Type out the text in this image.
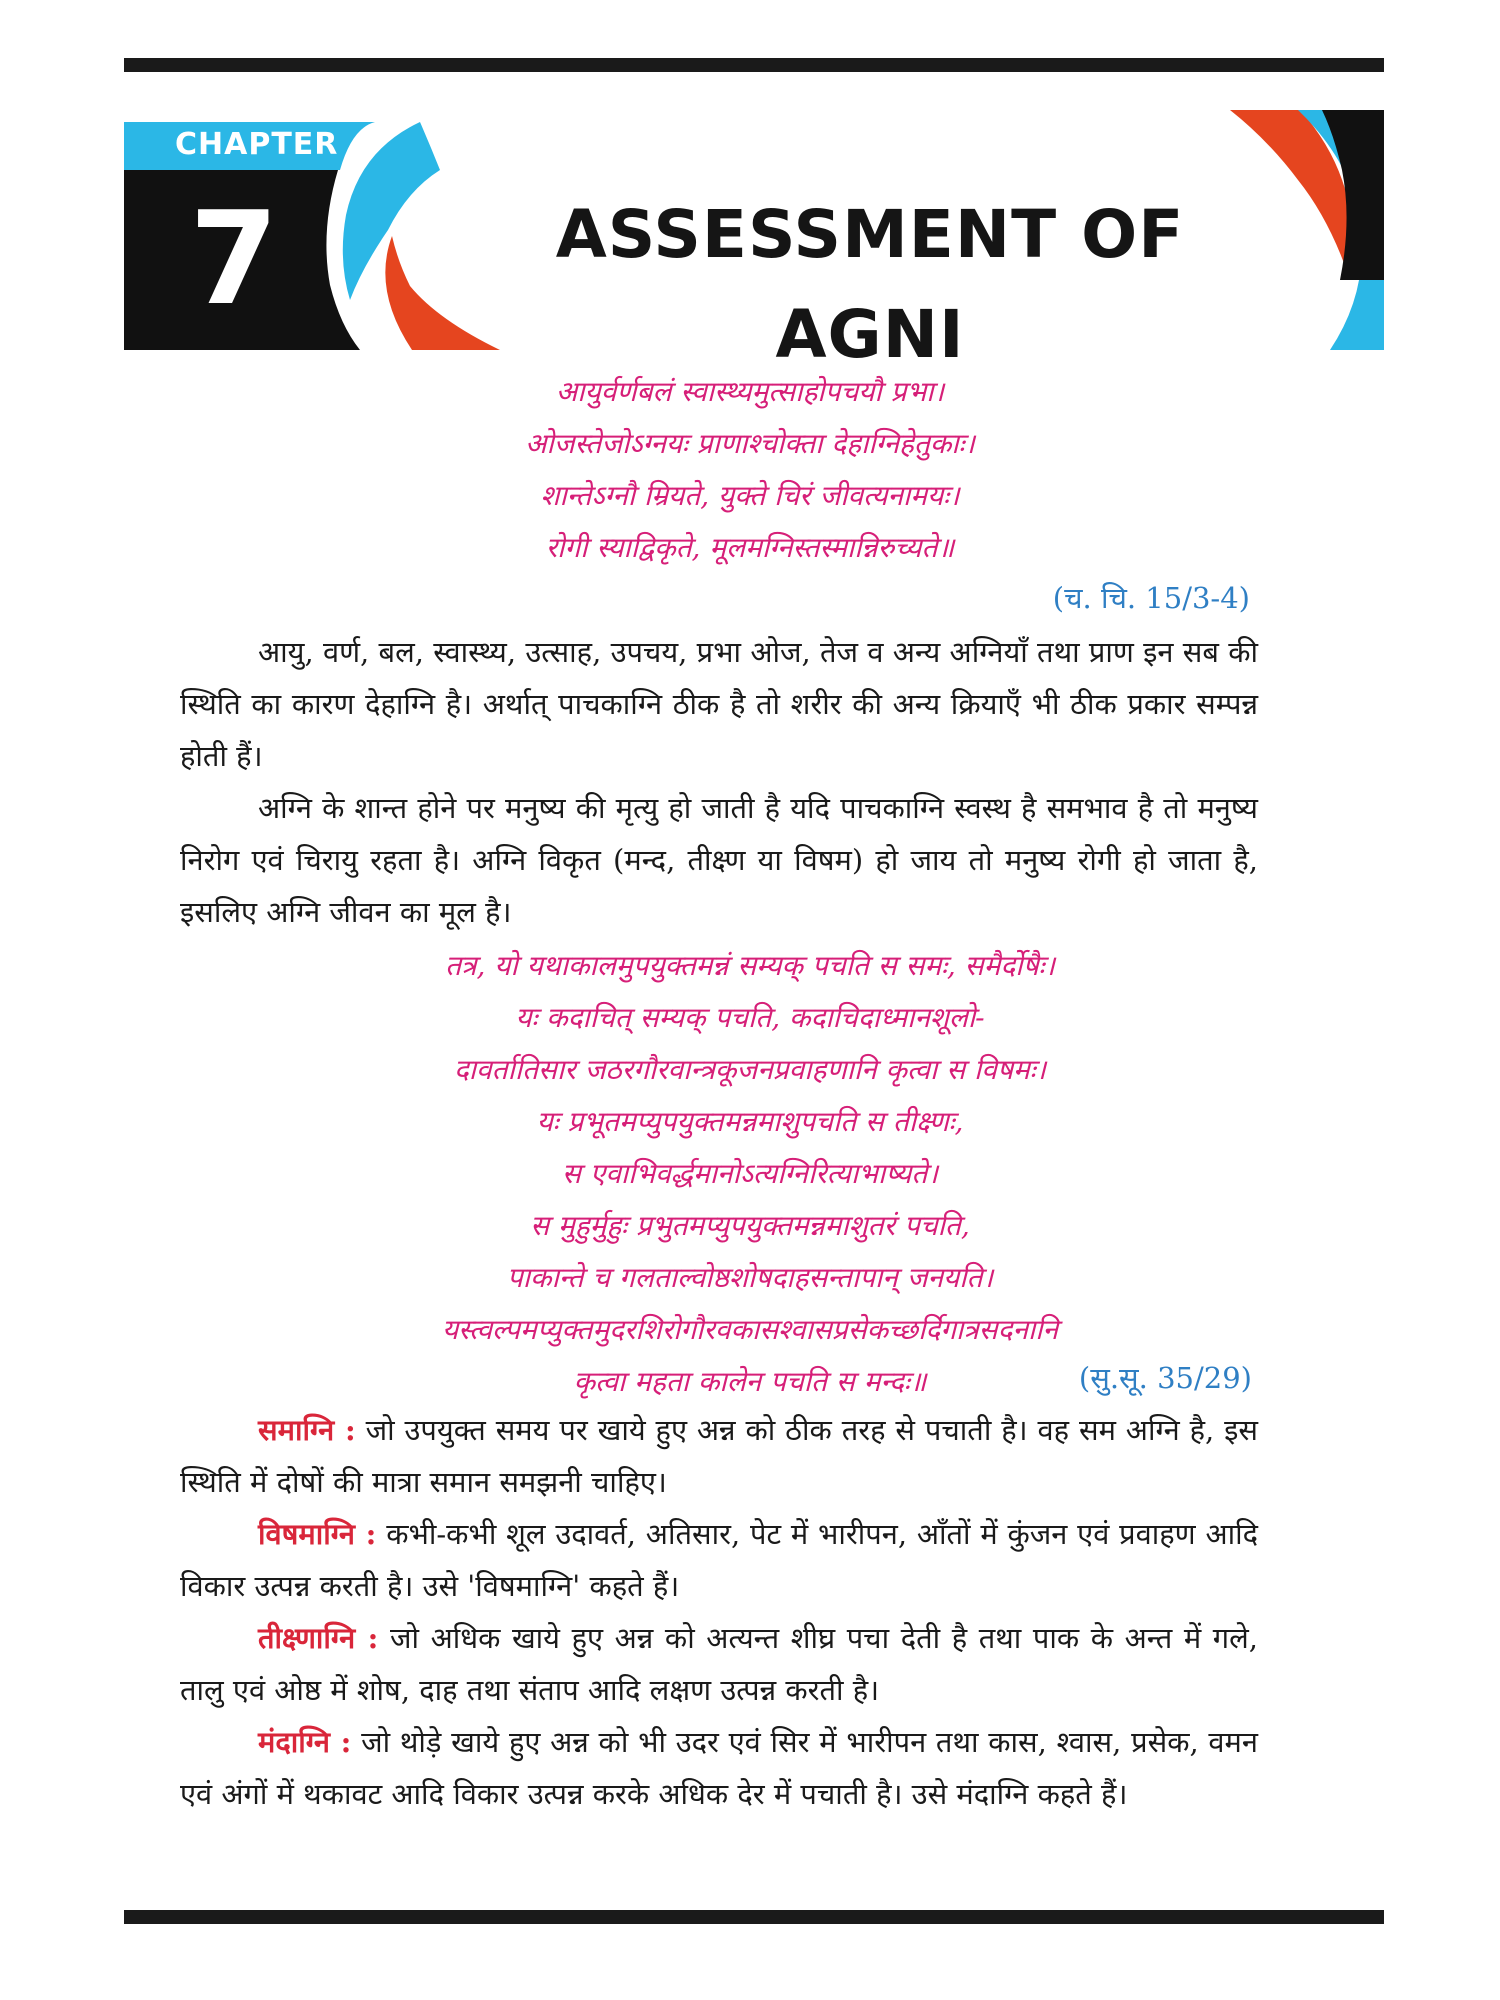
CHAPTER
7	ASSESSMENT OF AGNI
आयुर्वर्णबलं स्वास्थ्यमुत्साहोपचयौ प्रभा।
ओजस्तेजोऽग्नयः प्राणाश्चोक्ता देहाग्निहेतुकाः।
शान्तेऽग्नौ म्रियते, युक्ते चिरं जीवत्यनामयः।
रोगी स्याद्विकृते, मूलमग्निस्तस्मान्निरुच्यते॥
(च. चि. 15/3-4)
आयु, वर्ण, बल, स्वास्थ्य, उत्साह, उपचय, प्रभा ओज, तेज व अन्य अग्नियाँ तथा प्राण इन सब की स्थिति का कारण देहाग्नि है। अर्थात् पाचकाग्नि ठीक है तो शरीर की अन्य क्रियाएँ भी ठीक प्रकार सम्पन्न होती हैं।
अग्नि के शान्त होने पर मनुष्य की मृत्यु हो जाती है यदि पाचकाग्नि स्वस्थ है समभाव है तो मनुष्य निरोग एवं चिरायु रहता है। अग्नि विकृत (मन्द, तीक्ष्ण या विषम) हो जाय तो मनुष्य रोगी हो जाता है, इसलिए अग्नि जीवन का मूल है।
तत्र, यो यथाकालमुपयुक्तमन्नं सम्यक् पचति स समः, समैर्दोषैः।
यः कदाचित् सम्यक् पचति, कदाचिदाध्मानशूलो-
दावर्तातिसार जठरगौरवान्त्रकूजनप्रवाहणानि कृत्वा स विषमः।
यः प्रभूतमप्युपयुक्तमन्नमाशुपचति स तीक्ष्णः,
स एवाभिवर्द्धमानोऽत्यग्निरित्याभाष्यते।
स मुहुर्मुहुः प्रभुतमप्युपयुक्तमन्नमाशुतरं पचति,
पाकान्ते च गलताल्वोष्ठशोषदाहसन्तापान् जनयति।
यस्त्वल्पमप्युक्तमुदरशिरोगौरवकासश्वासप्रसेकच्छर्दिगात्रसदनानि
कृत्वा महता कालेन पचति स मन्दः॥	(सु.सू. 35/29)
समाग्नि : जो उपयुक्त समय पर खाये हुए अन्न को ठीक तरह से पचाती है। वह सम अग्नि है, इस स्थिति में दोषों की मात्रा समान समझनी चाहिए।
विषमाग्नि : कभी-कभी शूल उदावर्त, अतिसार, पेट में भारीपन, आँतों में कुंजन एवं प्रवाहण आदि विकार उत्पन्न करती है। उसे 'विषमाग्नि' कहते हैं।
तीक्ष्णाग्नि : जो अधिक खाये हुए अन्न को अत्यन्त शीघ्र पचा देती है तथा पाक के अन्त में गले, तालु एवं ओष्ठ में शोष, दाह तथा संताप आदि लक्षण उत्पन्न करती है।
मंदाग्नि : जो थोड़े खाये हुए अन्न को भी उदर एवं सिर में भारीपन तथा कास, श्वास, प्रसेक, वमन एवं अंगों में थकावट आदि विकार उत्पन्न करके अधिक देर में पचाती है। उसे मंदाग्नि कहते हैं।
